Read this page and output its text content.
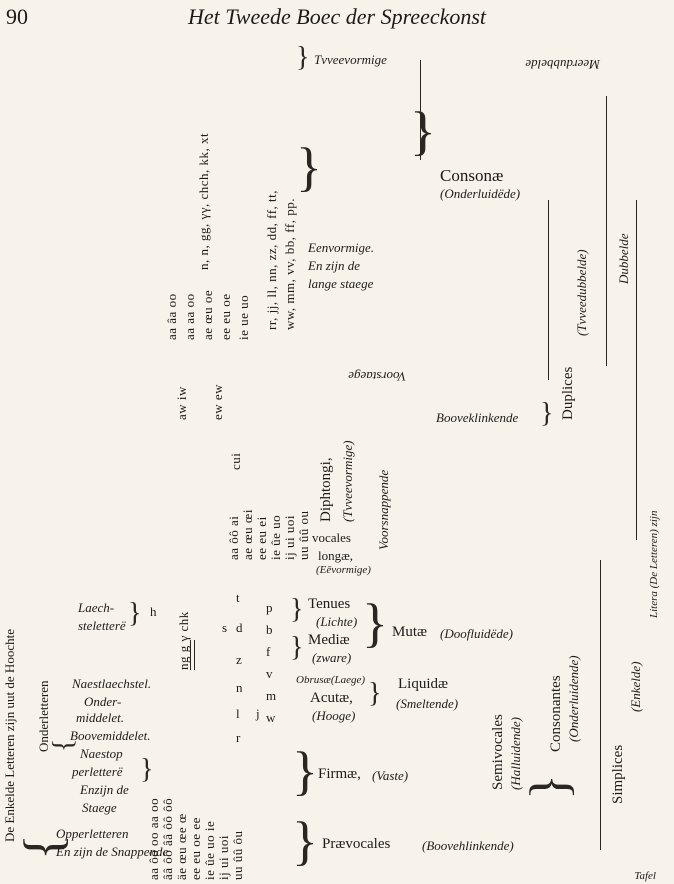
90	Het Tweede Boec der Spreeckonst
De Enkelde Letteren zijn uut de Hoochte
{
Onderletteren
{
Opperletteren
En zijn de Snappende
Laech-
steletterë }
Naestlaechstel.
Onder-
middelet.
Boovemiddelet.
Naestop
perletterë
Enzijn de
Staege
}
aa ôô oo aa oo ââ ôô ââ ôô ôô äe œu œe œ ee eu oe ee ie ûe uo ie ij ui uoi uu ûû ôu
h ng g γ chk
t
d
s
z
n
l j
r
p
b
f
v
m
w
aa ôô ai ae œu œi ee eu ei ie ûe uo ij ui uoi uu ûû ou
} Tenues
(Lichte)
} Mediæ
(zware)
} Mutæ (Doofluidëde)
Obrusæ(Laege)
Acutæ,
(Hooge)
} Liquidæ
(Smeltende)
} Firmæ, (Vaste)
} Prævocales (Boovehlinkende)
Semivocales (Halluidende)
}
Consonantes (Onderluidende)
vocales
longæ,
(Eēvormige)
Diphtongi, (Tvveevormige) Voorsnappende
Simplices
(Enkelde)
Litera (De Letteren) zijn
n, n, gg, γγ, chch, kk, xt	rr, jj, ll, nn, zz, dd, ff, tt, ww, mm, vv, bb, ff, pp.
aa âa oo aa aa oo ae œu oe ee eu oe ie ue uo
aw iw ew ew
cui
} Tvveevormige
}
Eenvormige.
En zijn de
lange staege
}
Consonæ
(Onderluidëde)
Voorstaege
Booveklinkende } Duplices
(Tvveedubbelde) Dubbelde
Meerdubbelde
Tafel
